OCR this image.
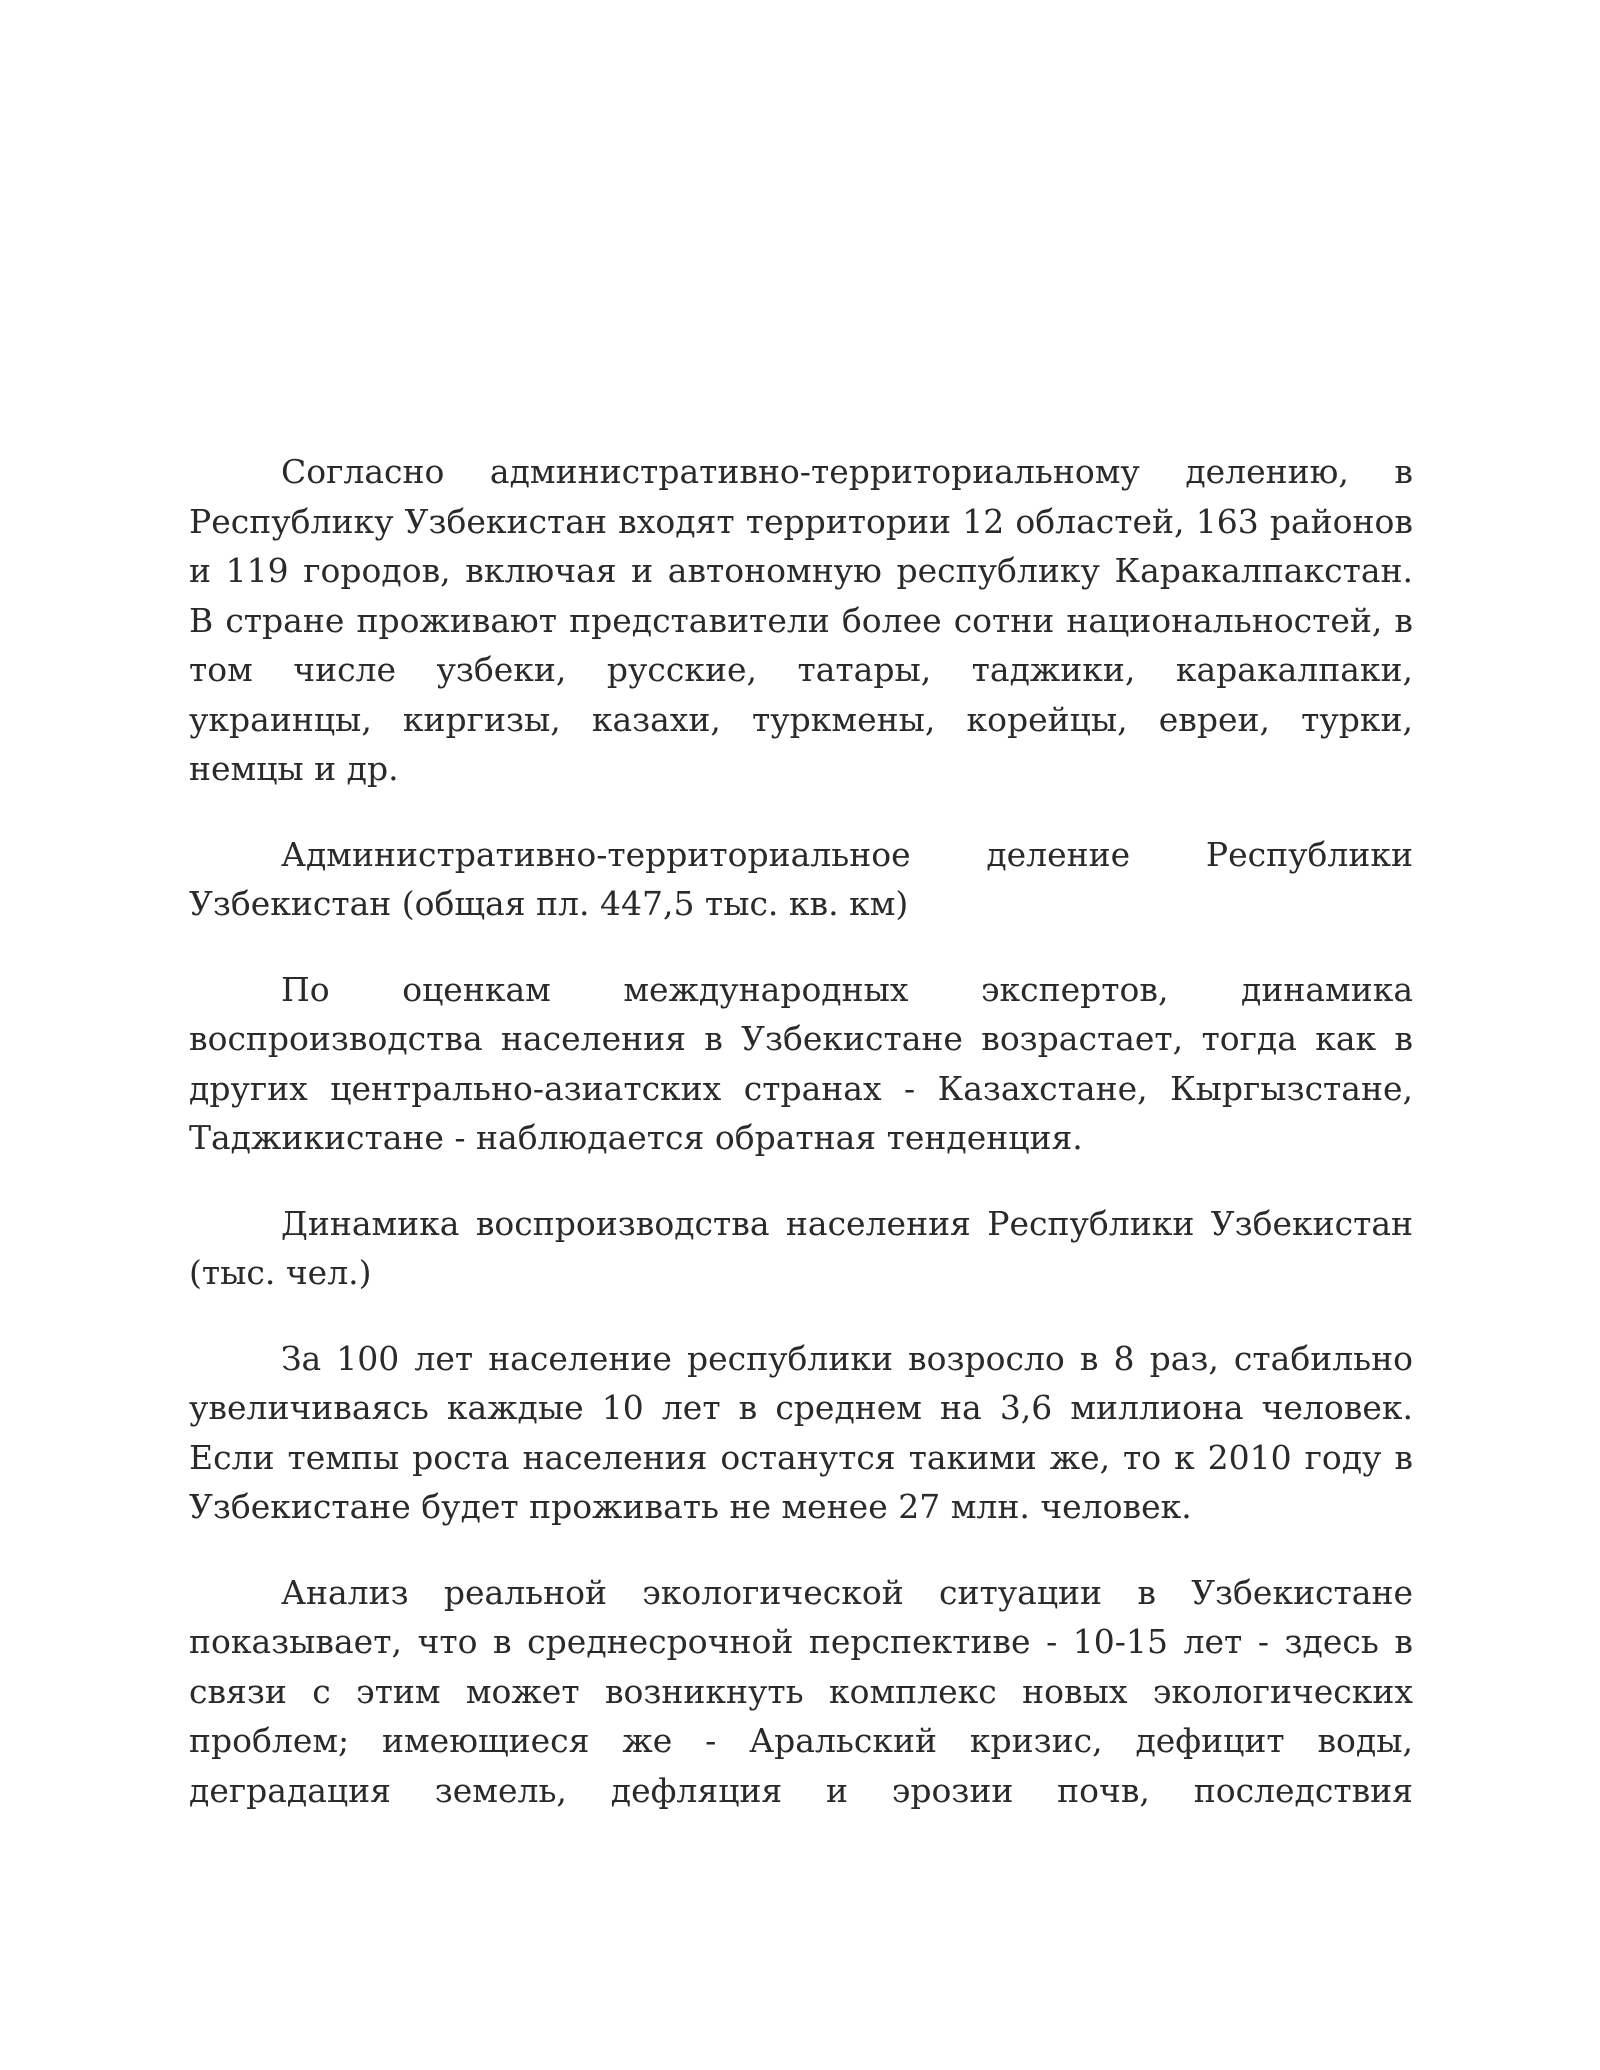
Согласно административно-территориальному делению, в Республику Узбекистан входят территории 12 областей, 163 районов и 119 городов, включая и автономную республику Каракалпакстан. В стране проживают представители более сотни национальностей, в том числе узбеки, русские, татары, таджики, каракалпаки, украинцы, киргизы, казахи, туркмены, корейцы, евреи, турки, немцы и др.

Административно-территориальное деление Республики Узбекистан (общая пл. 447,5 тыс. кв. км)

По оценкам международных экспертов, динамика воспроизводства населения в Узбекистане возрастает, тогда как в других центрально-азиатских странах - Казахстане, Кыргызстане, Таджикистане - наблюдается обратная тенденция.

Динамика воспроизводства населения Республики Узбекистан (тыс. чел.)

За 100 лет население республики возросло в 8 раз, стабильно увеличиваясь каждые 10 лет в среднем на 3,6 миллиона человек. Если темпы роста населения останутся такими же, то к 2010 году в Узбекистане будет проживать не менее 27 млн. человек.

Анализ реальной экологической ситуации в Узбекистане показывает, что в среднесрочной перспективе - 10-15 лет - здесь в связи с этим может возникнуть комплекс новых экологических проблем; имеющиеся же - Аральский кризис, дефицит воды, деградация земель, дефляция и эрозии почв, последствия
